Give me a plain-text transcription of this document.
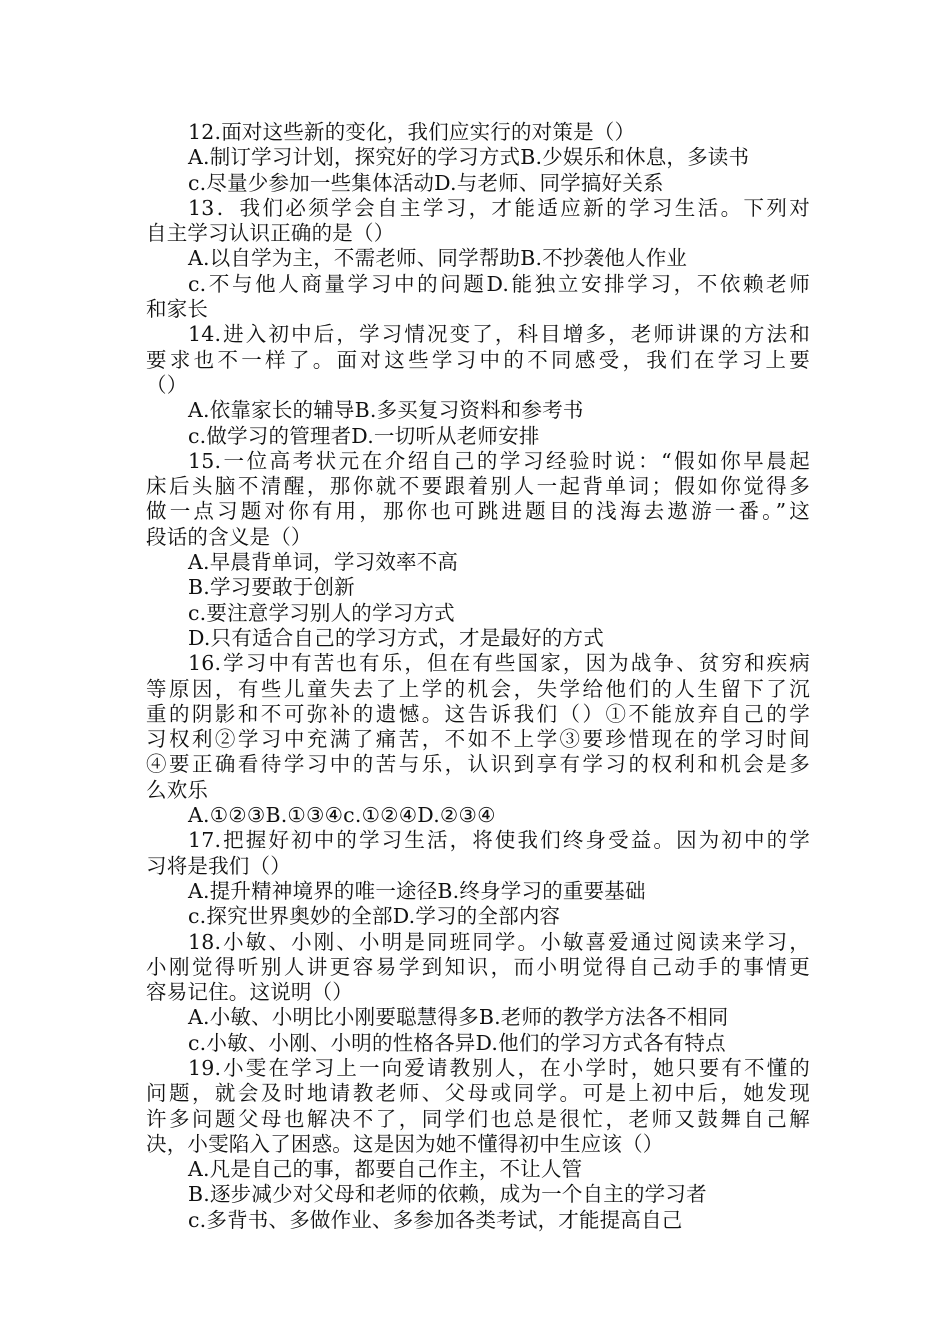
12.面对这些新的变化，我们应实行的对策是（）
A.制订学习计划，探究好的学习方式B.少娱乐和休息，多读书
c.尽量少参加一些集体活动D.与老师、同学搞好关系
13．我们必须学会自主学习，才能适应新的学习生活。下列对
自主学习认识正确的是（）
A.以自学为主，不需老师、同学帮助B.不抄袭他人作业
c.不与他人商量学习中的问题D.能独立安排学习，不依赖老师
和家长
14.进入初中后，学习情况变了，科目增多，老师讲课的方法和
要求也不一样了。面对这些学习中的不同感受，我们在学习上要
（）
A.依靠家长的辅导B.多买复习资料和参考书
c.做学习的管理者D.一切听从老师安排
15.一位高考状元在介绍自己的学习经验时说：“假如你早晨起
床后头脑不清醒，那你就不要跟着别人一起背单词；假如你觉得多
做一点习题对你有用，那你也可跳进题目的浅海去遨游一番。”这
段话的含义是（）
A.早晨背单词，学习效率不高
B.学习要敢于创新
c.要注意学习别人的学习方式
D.只有适合自己的学习方式，才是最好的方式
16.学习中有苦也有乐，但在有些国家，因为战争、贫穷和疾病
等原因，有些儿童失去了上学的机会，失学给他们的人生留下了沉
重的阴影和不可弥补的遗憾。这告诉我们（）①不能放弃自己的学
习权利②学习中充满了痛苦，不如不上学③要珍惜现在的学习时间
④要正确看待学习中的苦与乐，认识到享有学习的权利和机会是多
么欢乐
A.①②③B.①③④c.①②④D.②③④
17.把握好初中的学习生活，将使我们终身受益。因为初中的学
习将是我们（）
A.提升精神境界的唯一途径B.终身学习的重要基础
c.探究世界奥妙的全部D.学习的全部内容
18.小敏、小刚、小明是同班同学。小敏喜爱通过阅读来学习，
小刚觉得听别人讲更容易学到知识，而小明觉得自己动手的事情更
容易记住。这说明（）
A.小敏、小明比小刚要聪慧得多B.老师的教学方法各不相同
c.小敏、小刚、小明的性格各异D.他们的学习方式各有特点
19.小雯在学习上一向爱请教别人，在小学时，她只要有不懂的
问题，就会及时地请教老师、父母或同学。可是上初中后，她发现
许多问题父母也解决不了，同学们也总是很忙，老师又鼓舞自己解
决，小雯陷入了困惑。这是因为她不懂得初中生应该（）
A.凡是自己的事，都要自己作主，不让人管
B.逐步减少对父母和老师的依赖，成为一个自主的学习者
c.多背书、多做作业、多参加各类考试，才能提高自己
